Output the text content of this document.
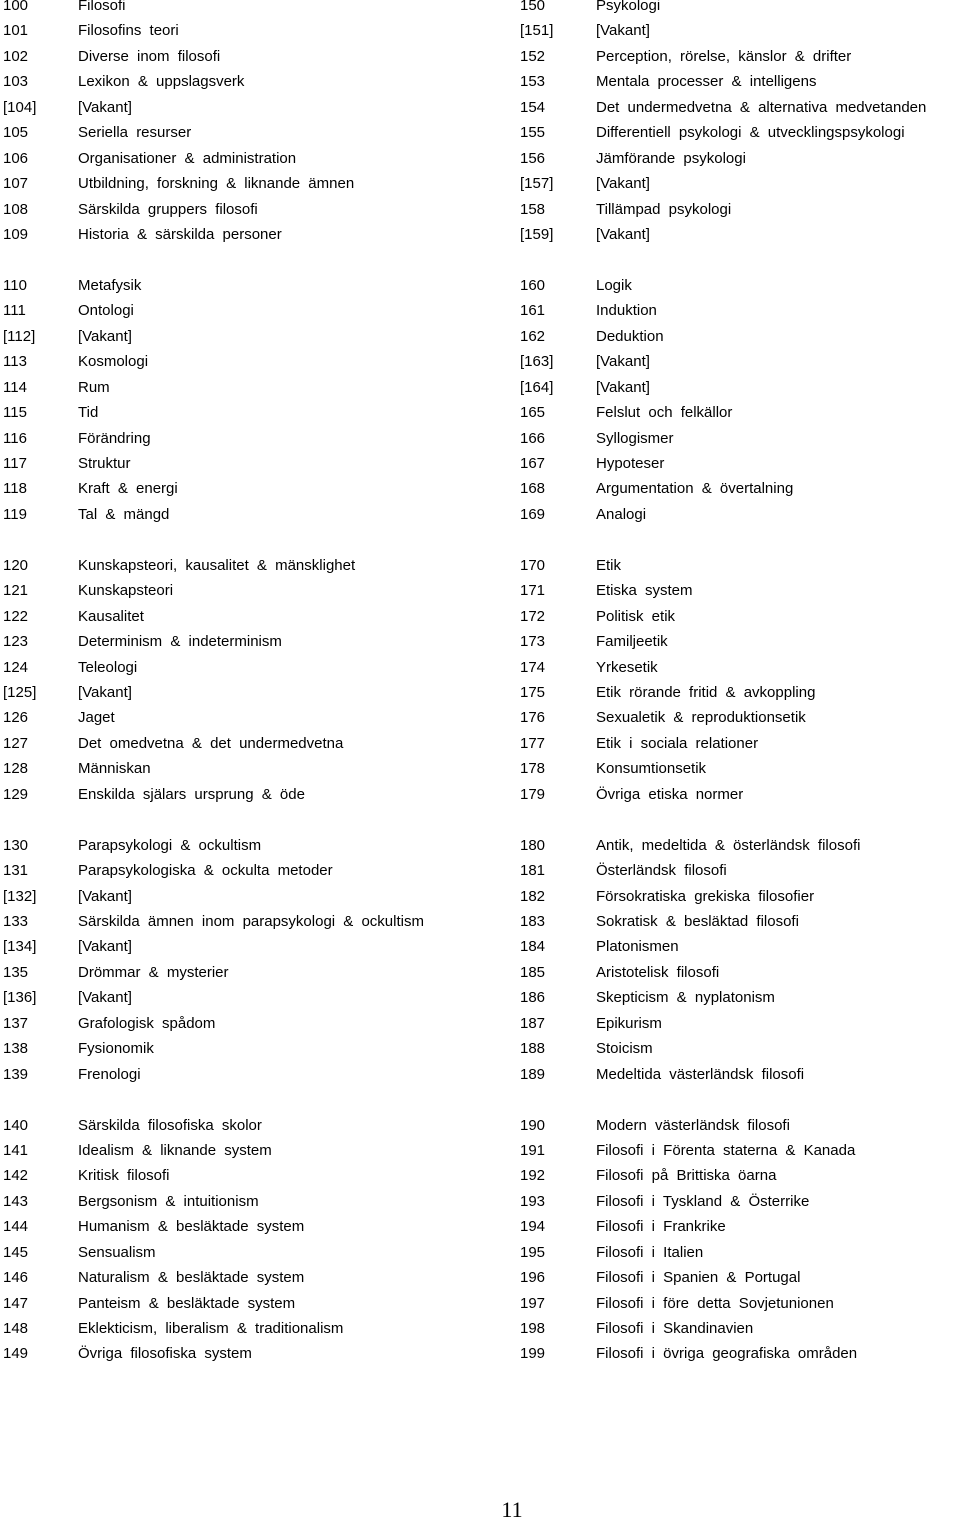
100	Filosofi
101	Filosofins teori
102	Diverse inom filosofi
103	Lexikon & uppslagsverk
[104]	[Vakant]
105	Seriella resurser
106	Organisationer & administration
107	Utbildning, forskning & liknande ämnen
108	Särskilda gruppers filosofi
109	Historia & särskilda personer
110	Metafysik
111	Ontologi
[112]	[Vakant]
113	Kosmologi
114	Rum
115	Tid
116	Förändring
117	Struktur
118	Kraft & energi
119	Tal & mängd
120	Kunskapsteori, kausalitet & mänsklighet
121	Kunskapsteori
122	Kausalitet
123	Determinism & indeterminism
124	Teleologi
[125]	[Vakant]
126	Jaget
127	Det omedvetna & det undermedvetna
128	Människan
129	Enskilda själars ursprung & öde
130	Parapsykologi & ockultism
131	Parapsykologiska & ockulta metoder
[132]	[Vakant]
133	Särskilda ämnen inom parapsykologi & ockultism
[134]	[Vakant]
135	Drömmar & mysterier
[136]	[Vakant]
137	Grafologisk spådom
138	Fysionomik
139	Frenologi
140	Särskilda filosofiska skolor
141	Idealism & liknande system
142	Kritisk filosofi
143	Bergsonism & intuitionism
144	Humanism & besläktade system
145	Sensualism
146	Naturalism & besläktade system
147	Panteism & besläktade system
148	Eklekticism, liberalism & traditionalism
149	Övriga filosofiska system
150	Psykologi
[151]	[Vakant]
152	Perception, rörelse, känslor & drifter
153	Mentala processer & intelligens
154	Det undermedvetna & alternativa medvetanden
155	Differentiell psykologi & utvecklingspsykologi
156	Jämförande psykologi
[157]	[Vakant]
158	Tillämpad psykologi
[159]	[Vakant]
160	Logik
161	Induktion
162	Deduktion
[163]	[Vakant]
[164]	[Vakant]
165	Felslut och felkällor
166	Syllogismer
167	Hypoteser
168	Argumentation & övertalning
169	Analogi
170	Etik
171	Etiska system
172	Politisk etik
173	Familjeetik
174	Yrkesetik
175	Etik rörande fritid & avkoppling
176	Sexualetik & reproduktionsetik
177	Etik i sociala relationer
178	Konsumtionsetik
179	Övriga etiska normer
180	Antik, medeltida & österländsk filosofi
181	Österländsk filosofi
182	Försokratiska grekiska filosofier
183	Sokratisk & besläktad filosofi
184	Platonismen
185	Aristotelisk filosofi
186	Skepticism & nyplatonism
187	Epikurism
188	Stoicism
189	Medeltida västerländsk filosofi
190	Modern västerländsk filosofi
191	Filosofi i Förenta staterna & Kanada
192	Filosofi på Brittiska öarna
193	Filosofi i Tyskland & Österrike
194	Filosofi i Frankrike
195	Filosofi i Italien
196	Filosofi i Spanien & Portugal
197	Filosofi i före detta Sovjetunionen
198	Filosofi i Skandinavien
199	Filosofi i övriga geografiska områden
11
